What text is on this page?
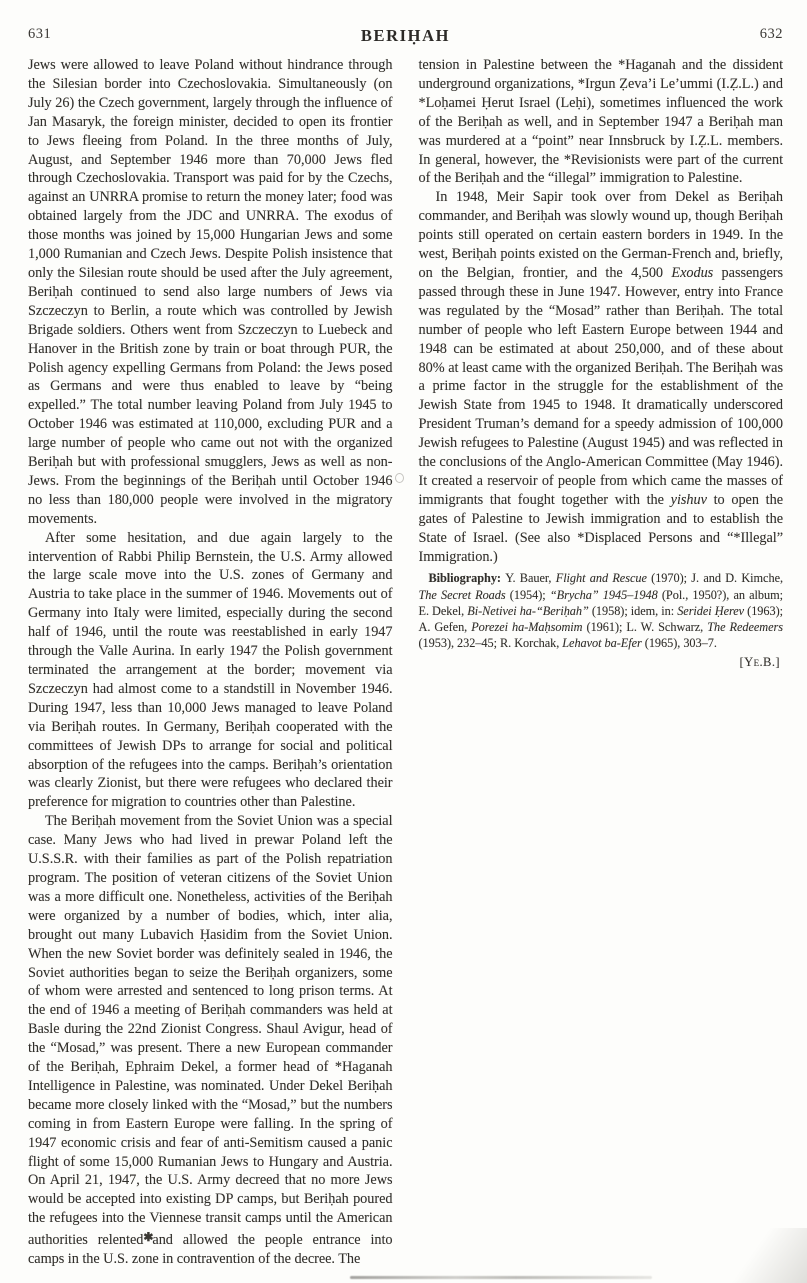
BERIḤAH
631	632

Jews were allowed to leave Poland without hindrance through the Silesian border into Czechoslovakia. Simultaneously (on July 26) the Czech government, largely through the influence of Jan Masaryk, the foreign minister, decided to open its frontier to Jews fleeing from Poland. In the three months of July, August, and September 1946 more than 70,000 Jews fled through Czechoslovakia. Transport was paid for by the Czechs, against an UNRRA promise to return the money later; food was obtained largely from the JDC and UNRRA. The exodus of those months was joined by 15,000 Hungarian Jews and some 1,000 Rumanian and Czech Jews. Despite Polish insistence that only the Silesian route should be used after the July agreement, Beriḥah continued to send also large numbers of Jews via Szczeczyn to Berlin, a route which was controlled by Jewish Brigade soldiers. Others went from Szczeczyn to Luebeck and Hanover in the British zone by train or boat through PUR, the Polish agency expelling Germans from Poland: the Jews posed as Germans and were thus enabled to leave by “being expelled.” The total number leaving Poland from July 1945 to October 1946 was estimated at 110,000, excluding PUR and a large number of people who came out not with the organized Beriḥah but with professional smugglers, Jews as well as non-Jews. From the beginnings of the Beriḥah until October 1946 no less than 180,000 people were involved in the migratory movements.

After some hesitation, and due again largely to the intervention of Rabbi Philip Bernstein, the U.S. Army allowed the large scale move into the U.S. zones of Germany and Austria to take place in the summer of 1946. Movements out of Germany into Italy were limited, especially during the second half of 1946, until the route was reestablished in early 1947 through the Valle Aurina. In early 1947 the Polish government terminated the arrangement at the border; movement via Szczeczyn had almost come to a standstill in November 1946. During 1947, less than 10,000 Jews managed to leave Poland via Beriḥah routes. In Germany, Beriḥah cooperated with the committees of Jewish DPs to arrange for social and political absorption of the refugees into the camps. Beriḥah’s orientation was clearly Zionist, but there were refugees who declared their preference for migration to countries other than Palestine.

The Beriḥah movement from the Soviet Union was a special case. Many Jews who had lived in prewar Poland left the U.S.S.R. with their families as part of the Polish repatriation program. The position of veteran citizens of the Soviet Union was a more difficult one. Nonetheless, activities of the Beriḥah were organized by a number of bodies, which, inter alia, brought out many Lubavich Ḥasidim from the Soviet Union. When the new Soviet border was definitely sealed in 1946, the Soviet authorities began to seize the Beriḥah organizers, some of whom were arrested and sentenced to long prison terms. At the end of 1946 a meeting of Beriḥah commanders was held at Basle during the 22nd Zionist Congress. Shaul Avigur, head of the “Mosad,” was present. There a new European commander of the Beriḥah, Ephraim Dekel, a former head of *Haganah Intelligence in Palestine, was nominated. Under Dekel Beriḥah became more closely linked with the “Mosad,” but the numbers coming in from Eastern Europe were falling. In the spring of 1947 economic crisis and fear of anti-Semitism caused a panic flight of some 15,000 Rumanian Jews to Hungary and Austria. On April 21, 1947, the U.S. Army decreed that no more Jews would be accepted into existing DP camps, but Beriḥah poured the refugees into the Viennese transit camps until the American authorities relented✱and allowed the people entrance into camps in the U.S. zone in contravention of the decree. The

tension in Palestine between the *Haganah and the dissident underground organizations, *Irgun Ẓeva’i Le’ummi (I.Ẓ.L.) and *Loḥamei Ḥerut Israel (Leḥi), sometimes influenced the work of the Beriḥah as well, and in September 1947 a Beriḥah man was murdered at a “point” near Innsbruck by I.Ẓ.L. members. In general, however, the *Revisionists were part of the current of the Beriḥah and the “illegal” immigration to Palestine.

In 1948, Meir Sapir took over from Dekel as Beriḥah commander, and Beriḥah was slowly wound up, though Beriḥah points still operated on certain eastern borders in 1949. In the west, Beriḥah points existed on the German-French and, briefly, on the Belgian, frontier, and the 4,500 Exodus passengers passed through these in June 1947. However, entry into France was regulated by the “Mosad” rather than Beriḥah. The total number of people who left Eastern Europe between 1944 and 1948 can be estimated at about 250,000, and of these about 80% at least came with the organized Beriḥah. The Beriḥah was a prime factor in the struggle for the establishment of the Jewish State from 1945 to 1948. It dramatically underscored President Truman’s demand for a speedy admission of 100,000 Jewish refugees to Palestine (August 1945) and was reflected in the conclusions of the Anglo-American Committee (May 1946). It created a reservoir of people from which came the masses of immigrants that fought together with the yishuv to open the gates of Palestine to Jewish immigration and to establish the State of Israel. (See also *Displaced Persons and “*Illegal” Immigration.)

Bibliography: Y. Bauer, Flight and Rescue (1970); J. and D. Kimche, The Secret Roads (1954); “Brycha” 1945–1948 (Pol., 1950?), an album; E. Dekel, Bi-Netivei ha-“Beriḥah” (1958); idem, in: Seridei Ḥerev (1963); A. Gefen, Porezei ha-Maḥsomim (1961); L. W. Schwarz, The Redeemers (1953), 232–45; R. Korchak, Lehavot ba-Efer (1965), 303–7.

[Ye.B.]
